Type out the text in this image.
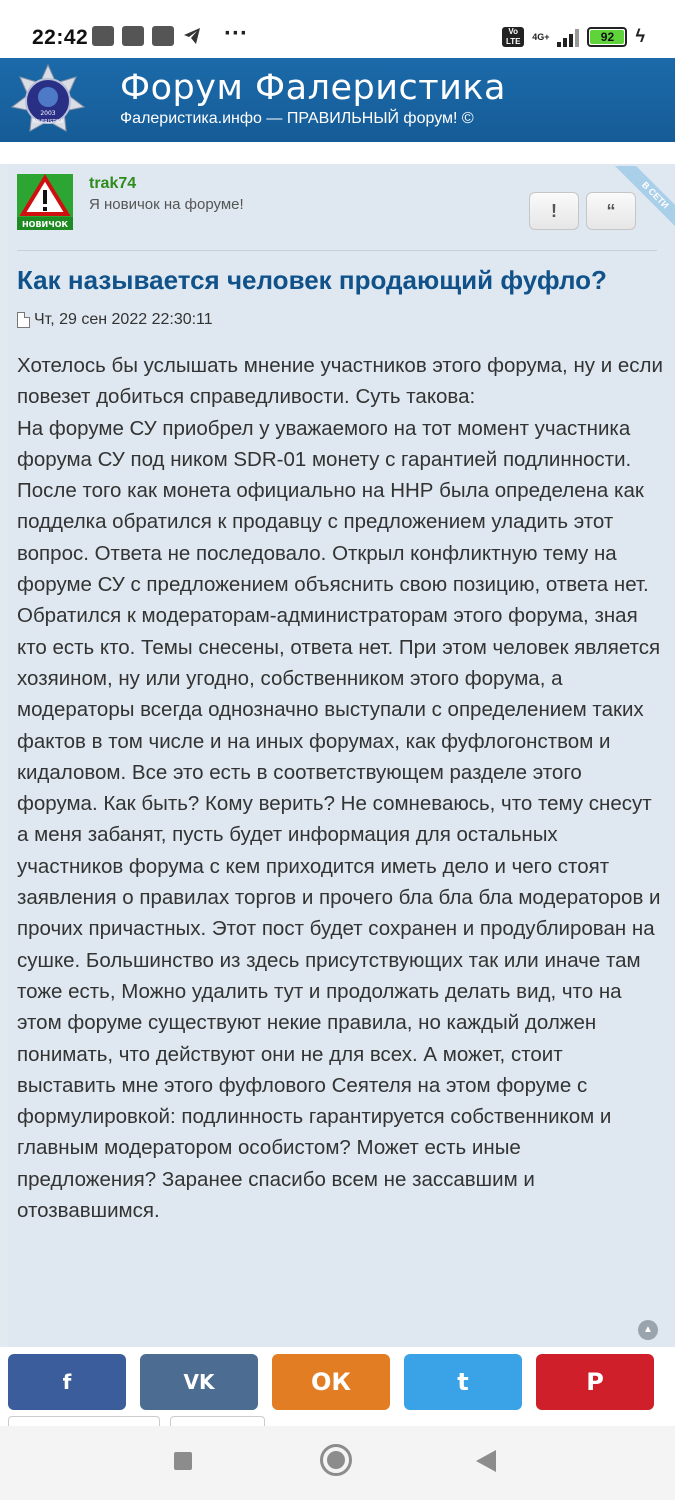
22:42	···	Vo LTE	4G+	92	ϟ
2003
FALERISTIKA
Форум Фалеристика
Фалеристика.инфо — ПРАВИЛЬНЫЙ форум! ©
НОВИЧОК
trak74
Я новичок на форуме!	!	“
В СЕТИ
Как называется человек продающий фуфло?
Чт, 29 сен 2022 22:30:11
Хотелось бы услышать мнение участников этого форума, ну и если повезет добиться справедливости. Суть такова:
На форуме СУ приобрел у уважаемого на тот момент участника форума СУ под ником SDR-01 монету с гарантией подлинности. После того как монета официально на ННР была определена как подделка обратился к продавцу с предложением уладить этот вопрос. Ответа не последовало. Открыл конфликтную тему на форуме СУ с предложением объяснить свою позицию, ответа нет. Обратился к модераторам-администраторам этого форума, зная кто есть кто. Темы снесены, ответа нет. При этом человек является хозяином, ну или угодно, собственником этого форума, а модераторы всегда однозначно выступали с определением таких фактов в том числе и на иных форумах, как фуфлогонством и кидаловом. Все это есть в соответствующем разделе этого форума. Как быть? Кому верить? Не сомневаюсь, что тему снесут а меня забанят, пусть будет информация для остальных участников форума с кем приходится иметь дело и чего стоят заявления о правилах торгов и прочего бла бла бла модераторов и прочих причастных. Этот пост будет сохранен и продублирован на сушке. Большинство из здесь присутствующих так или иначе там тоже есть, Можно удалить тут и продолжать делать вид, что на этом форуме существуют некие правила, но каждый должен понимать, что действуют они не для всех. А может, стоит выставить мне этого фуфлового Сеятеля на этом форуме с формулировкой: подлинность гарантируется собственником и главным модератором особистом? Может есть иные предложения? Заранее спасибо всем не зассавшим и отозвавшимся.
▲
f	VK	ОК	t	P
